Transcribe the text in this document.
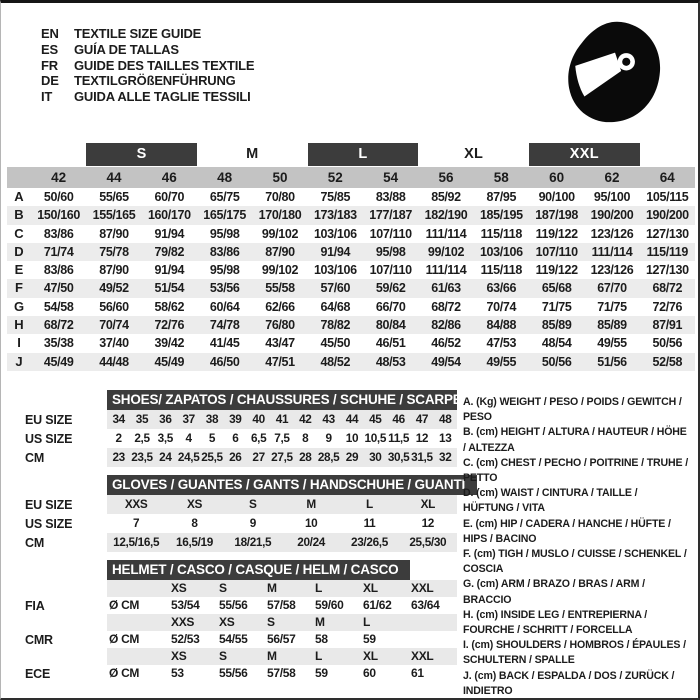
EN	TEXTILE SIZE GUIDE
ES	GUÍA DE TALLAS
FR	GUIDE DES TAILLES TEXTILE
DE	TEXTILGRÖßENFÜHRUNG
IT	GUIDA ALLE TAGLIE TESSILI
S	M	L	XL	XXL
42	44	46	48	50	52	54	56	58	60	62	64
A	50/60	55/65	60/70	65/75	70/80	75/85	83/88	85/92	87/95	90/100	95/100	105/115
B	150/160	155/165	160/170	165/175	170/180	173/183	177/187	182/190	185/195	187/198	190/200	190/200
C	83/86	87/90	91/94	95/98	99/102	103/106	107/110	111/114	115/118	119/122	123/126	127/130
D	71/74	75/78	79/82	83/86	87/90	91/94	95/98	99/102	103/106	107/110	111/114	115/119
E	83/86	87/90	91/94	95/98	99/102	103/106	107/110	111/114	115/118	119/122	123/126	127/130
F	47/50	49/52	51/54	53/56	55/58	57/60	59/62	61/63	63/66	65/68	67/70	68/72
G	54/58	56/60	58/62	60/64	62/66	64/68	66/70	68/72	70/74	71/75	71/75	72/76
H	68/72	70/74	72/76	74/78	76/80	78/82	80/84	82/86	84/88	85/89	85/89	87/91
I	35/38	37/40	39/42	41/45	43/47	45/50	46/51	46/52	47/53	48/54	49/55	50/56
J	45/49	44/48	45/49	46/50	47/51	48/52	48/53	49/54	49/55	50/56	51/56	52/58
SHOES/ ZAPATOS / CHAUSSURES / SCHUHE / SCARPE
EU SIZE	34 35 36 37 38 39 40 41 42 43 44 45 46 47 48
US SIZE	2	2,5 3,5	4	5	6	6,5 7,5	8	9	10 10,5 11,5 12 13
CM	23 23,5 24 24,5 25,5 26 27 27,5 28 28,5 29 30 30,5 31,5 32
GLOVES / GUANTES / GANTS / HANDSCHUHE / GUANTI
EU SIZE	XXS	XS	S	M	L	XL
US SIZE	7	8	9	10	11	12
CM	12,5/16,5	16,5/19	18/21,5	20/24	23/26,5	25,5/30
HELMET / CASCO / CASQUE / HELM / CASCO
XS	S	M	L	XL	XXL
FIA	Ø CM	53/54	55/56	57/58	59/60	61/62	63/64
XXS	XS	S	M	L
CMR	Ø CM	52/53	54/55	56/57	58	59
XS	S	M	L	XL	XXL
ECE	Ø CM	53	55/56	57/58	59	60	61
A. (Kg) WEIGHT / PESO / POIDS / GEWITCH / PESO
B. (cm) HEIGHT / ALTURA / HAUTEUR / HÖHE / ALTEZZA
C. (cm) CHEST / PECHO / POITRINE / TRUHE / PETTO
D. (cm) WAIST / CINTURA / TAILLE / HÜFTUNG / VITA
E. (cm) HIP / CADERA / HANCHE / HÜFTE / HIPS / BACINO
F. (cm) TIGH / MUSLO / CUISSE / SCHENKEL / COSCIA
G. (cm) ARM / BRAZO / BRAS / ARM / BRACCIO
H. (cm) INSIDE LEG / ENTREPIERNA / FOURCHE / SCHRITT / FORCELLA
I. (cm) SHOULDERS / HOMBROS / ÉPAULES / SCHULTERN / SPALLE
J. (cm) BACK / ESPALDA / DOS / ZURÜCK / INDIETRO
